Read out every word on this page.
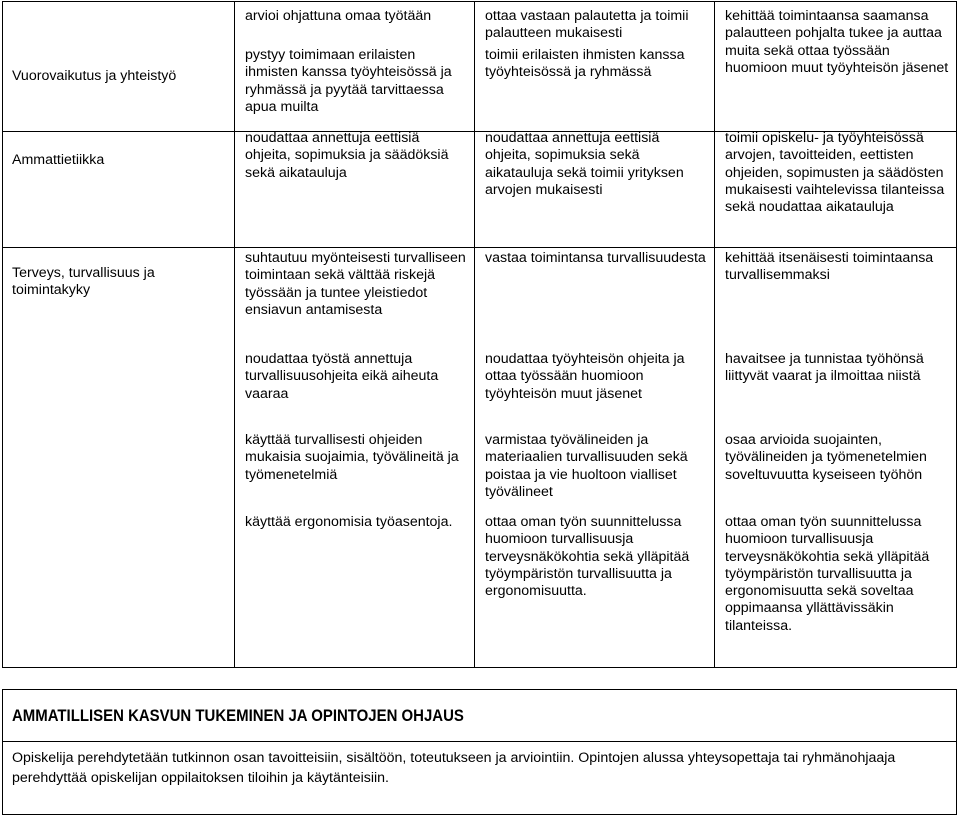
Vuorovaikutus ja yhteistyö
Ammattietiikka
Terveys, turvallisuus ja toimintakyky
arvioi ohjattuna omaa työtään
pystyy toimimaan erilaisten ihmisten kanssa työyhteisössä ja ryhmässä ja pyytää tarvittaessa apua muilta
noudattaa annettuja eettisiä ohjeita, sopimuksia ja säädöksiä sekä aikatauluja
suhtautuu myönteisesti turvalliseen toimintaan sekä välttää riskejä työssään ja tuntee yleistiedot ensiavun antamisesta
noudattaa työstä annettuja turvallisuusohjeita eikä aiheuta vaaraa
käyttää turvallisesti ohjeiden mukaisia suojaimia, työvälineitä ja työmenetelmiä
käyttää ergonomisia työasentoja.
ottaa vastaan palautetta ja toimii palautteen mukaisesti
toimii erilaisten ihmisten kanssa työyhteisössä ja ryhmässä
noudattaa annettuja eettisiä ohjeita, sopimuksia sekä aikatauluja sekä toimii yrityksen arvojen mukaisesti
vastaa toimintansa turvallisuudesta
noudattaa työyhteisön ohjeita ja ottaa työssään huomioon työyhteisön muut jäsenet
varmistaa työvälineiden ja materiaalien turvallisuuden sekä poistaa ja vie huoltoon vialliset työvälineet
ottaa oman työn suunnittelussa huomioon turvallisuusja terveysnäkökohtia sekä ylläpitää työympäristön turvallisuutta ja ergonomisuutta.
kehittää toimintaansa saamansa palautteen pohjalta tukee ja auttaa muita sekä ottaa työssään huomioon muut työyhteisön jäsenet
toimii opiskelu- ja työyhteisössä arvojen, tavoitteiden, eettisten ohjeiden, sopimusten ja säädösten mukaisesti vaihtelevissa tilanteissa sekä noudattaa aikatauluja
kehittää itsenäisesti toimintaansa turvallisemmaksi
havaitsee ja tunnistaa työhönsä liittyvät vaarat ja ilmoittaa niistä
osaa arvioida suojainten, työvälineiden ja työmenetelmien soveltuvuutta kyseiseen työhön
ottaa oman työn suunnittelussa huomioon turvallisuusja terveysnäkökohtia sekä ylläpitää työympäristön turvallisuutta ja ergonomisuutta sekä soveltaa oppimaansa yllättävissäkin tilanteissa.
AMMATILLISEN KASVUN TUKEMINEN JA OPINTOJEN OHJAUS
Opiskelija perehdytetään tutkinnon osan tavoitteisiin, sisältöön, toteutukseen ja arviointiin. Opintojen alussa yhteysopettaja tai ryhmänohjaaja perehdyttää opiskelijan oppilaitoksen tiloihin ja käytänteisiin.
